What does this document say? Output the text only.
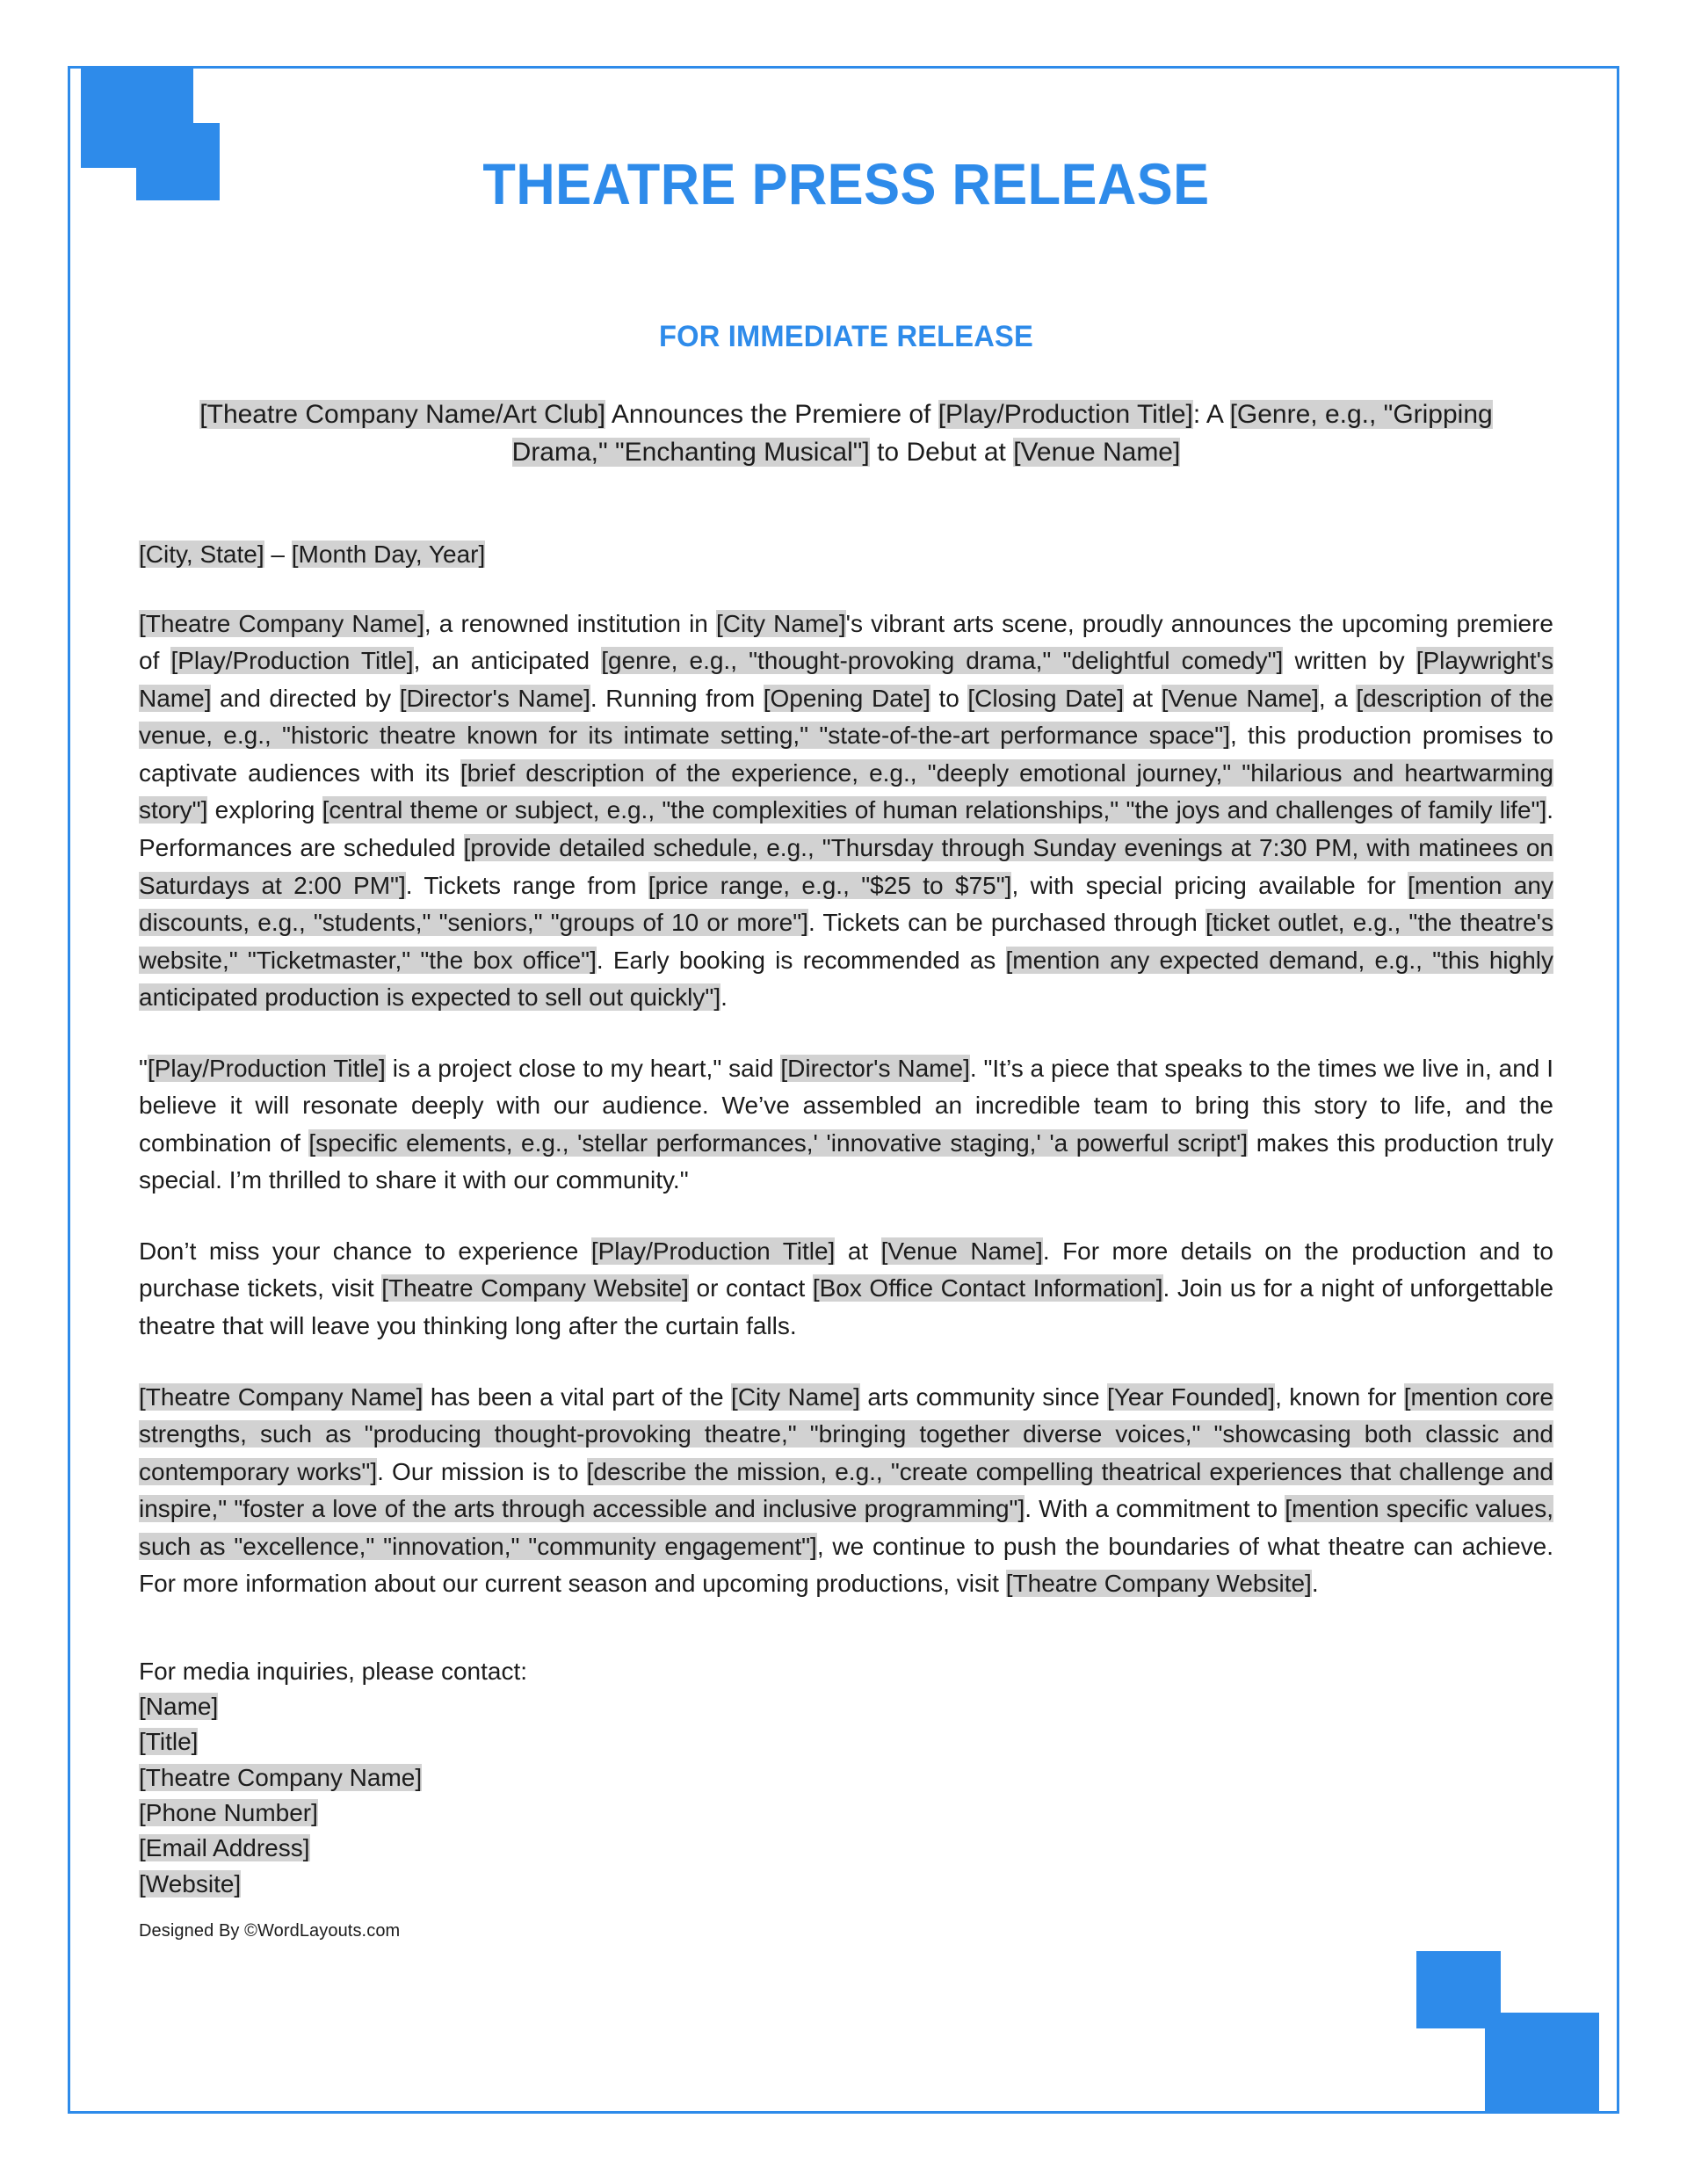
THEATRE PRESS RELEASE
FOR IMMEDIATE RELEASE
[Theatre Company Name/Art Club] Announces the Premiere of [Play/Production Title]: A [Genre, e.g., "Gripping Drama," "Enchanting Musical"] to Debut at [Venue Name]
[City, State] – [Month Day, Year]

[Theatre Company Name], a renowned institution in [City Name]'s vibrant arts scene, proudly announces the upcoming premiere of [Play/Production Title], an anticipated [genre, e.g., "thought-provoking drama," "delightful comedy"] written by [Playwright's Name] and directed by [Director's Name]. Running from [Opening Date] to [Closing Date] at [Venue Name], a [description of the venue, e.g., "historic theatre known for its intimate setting," "state-of-the-art performance space"], this production promises to captivate audiences with its [brief description of the experience, e.g., "deeply emotional journey," "hilarious and heartwarming story"] exploring [central theme or subject, e.g., "the complexities of human relationships," "the joys and challenges of family life"]. Performances are scheduled [provide detailed schedule, e.g., "Thursday through Sunday evenings at 7:30 PM, with matinees on Saturdays at 2:00 PM"]. Tickets range from [price range, e.g., "$25 to $75"], with special pricing available for [mention any discounts, e.g., "students," "seniors," "groups of 10 or more"]. Tickets can be purchased through [ticket outlet, e.g., "the theatre's website," "Ticketmaster," "the box office"]. Early booking is recommended as [mention any expected demand, e.g., "this highly anticipated production is expected to sell out quickly"].

"[Play/Production Title] is a project close to my heart," said [Director's Name]. "It’s a piece that speaks to the times we live in, and I believe it will resonate deeply with our audience. We’ve assembled an incredible team to bring this story to life, and the combination of [specific elements, e.g., 'stellar performances,' 'innovative staging,' 'a powerful script'] makes this production truly special. I’m thrilled to share it with our community."

Don’t miss your chance to experience [Play/Production Title] at [Venue Name]. For more details on the production and to purchase tickets, visit [Theatre Company Website] or contact [Box Office Contact Information]. Join us for a night of unforgettable theatre that will leave you thinking long after the curtain falls.

[Theatre Company Name] has been a vital part of the [City Name] arts community since [Year Founded], known for [mention core strengths, such as "producing thought-provoking theatre," "bringing together diverse voices," "showcasing both classic and contemporary works"]. Our mission is to [describe the mission, e.g., "create compelling theatrical experiences that challenge and inspire," "foster a love of the arts through accessible and inclusive programming"]. With a commitment to [mention specific values, such as "excellence," "innovation," "community engagement"], we continue to push the boundaries of what theatre can achieve. For more information about our current season and upcoming productions, visit [Theatre Company Website].

For media inquiries, please contact:
[Name]
[Title]
[Theatre Company Name]
[Phone Number]
[Email Address]
[Website]
Designed By ©WordLayouts.com
